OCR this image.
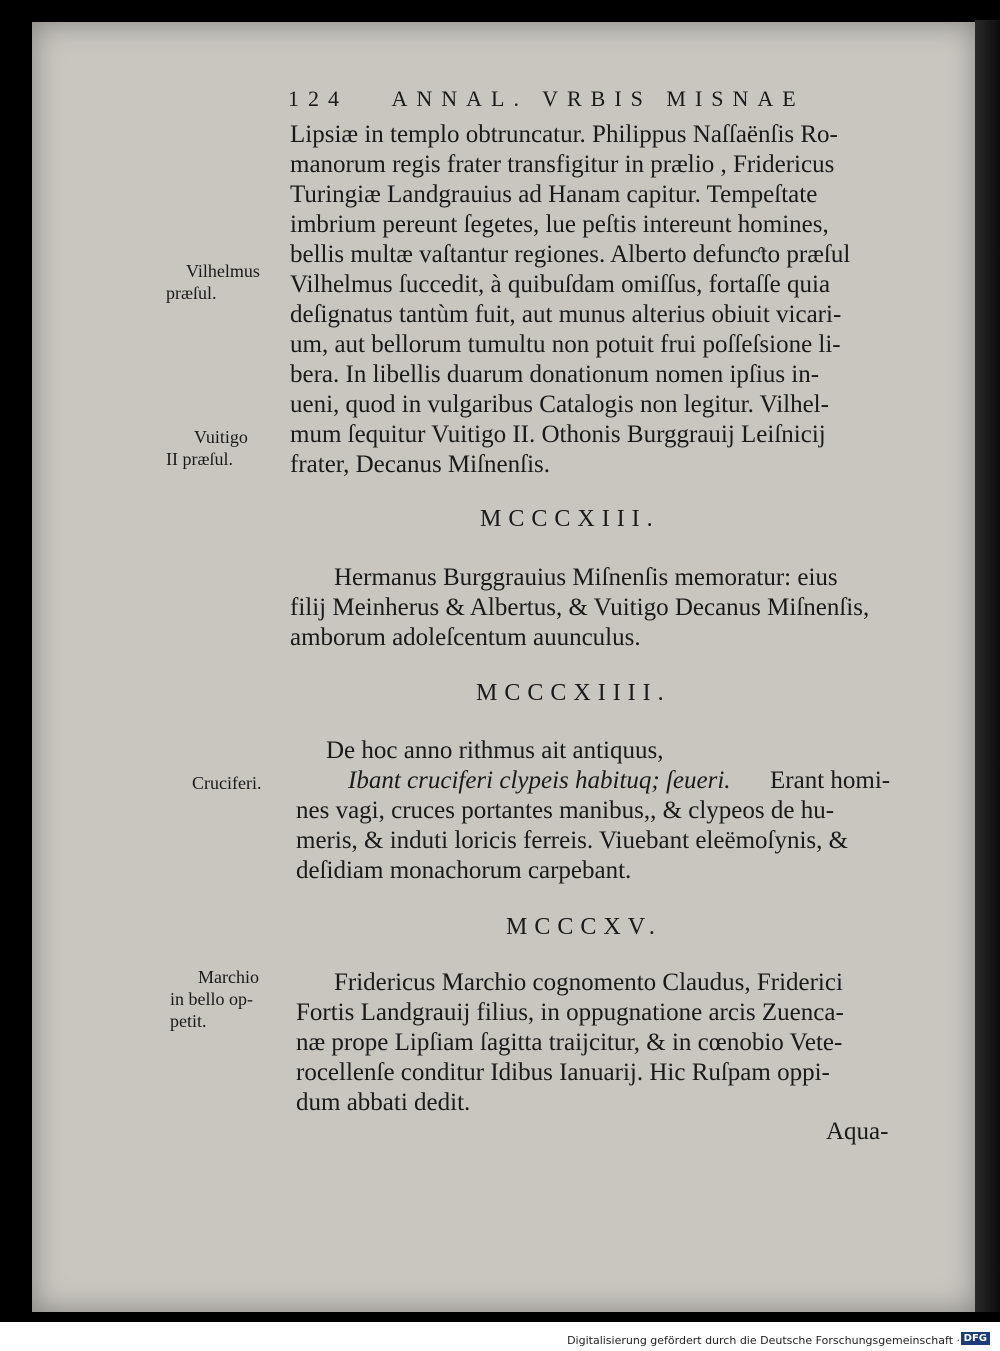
124 ANNAL. VRBIS MISNAE
Lipsiæ in templo obtruncatur. Philippus Naſſaënſis Ro-
manorum regis frater transfigitur in prælio , Fridericus
Turingiæ Landgrauius ad Hanam capitur. Tempeſtate
imbrium pereunt ſegetes, lue peſtis intereunt homines,
bellis multæ vaſtantur regiones. Alberto defunƈto præſul
Vilhelmus ſuccedit, à quibuſdam omiſſus, fortaſſe quia
deſignatus tantùm fuit, aut munus alterius obiuit vicari-
um, aut bellorum tumultu non potuit frui poſſeſsione li-
bera. In libellis duarum donationum nomen ipſius in-
ueni, quod in vulgaribus Catalogis non legitur. Vilhel-
mum ſequitur Vuitigo II. Othonis Burggrauij Leiſnicij
frater, Decanus Miſnenſis.
MCCCXIII.
Hermanus Burggrauius Miſnenſis memoratur: eius
filij Meinherus & Albertus, & Vuitigo Decanus Miſnenſis,
amborum adoleſcentum auunculus.
MCCCXIIII.
De hoc anno rithmus ait antiquus,
Ibant cruciferi clypeis habituq; ſeueri. Erant homi-
nes vagi, cruces portantes manibus,, & clypeos de hu-
meris, & induti loricis ferreis. Viuebant eleëmoſynis, &
deſidiam monachorum carpebant.
MCCCXV.
Fridericus Marchio cognomento Claudus, Friderici
Fortis Landgrauij filius, in oppugnatione arcis Zuenca-
næ prope Lipſiam ſagitta traijcitur, & in cœnobio Vete-
rocellenſe conditur Idibus Ianuarij. Hic Ruſpam oppi-
dum abbati dedit.
Aqua-
Vilhelmus
præſul.
Vuitigo
II præſul.
Cruciferi.
Marchio
in bello op-
petit.
Digitalisierung gefördert durch die Deutsche Forschungsgemeinschaft · DFG
